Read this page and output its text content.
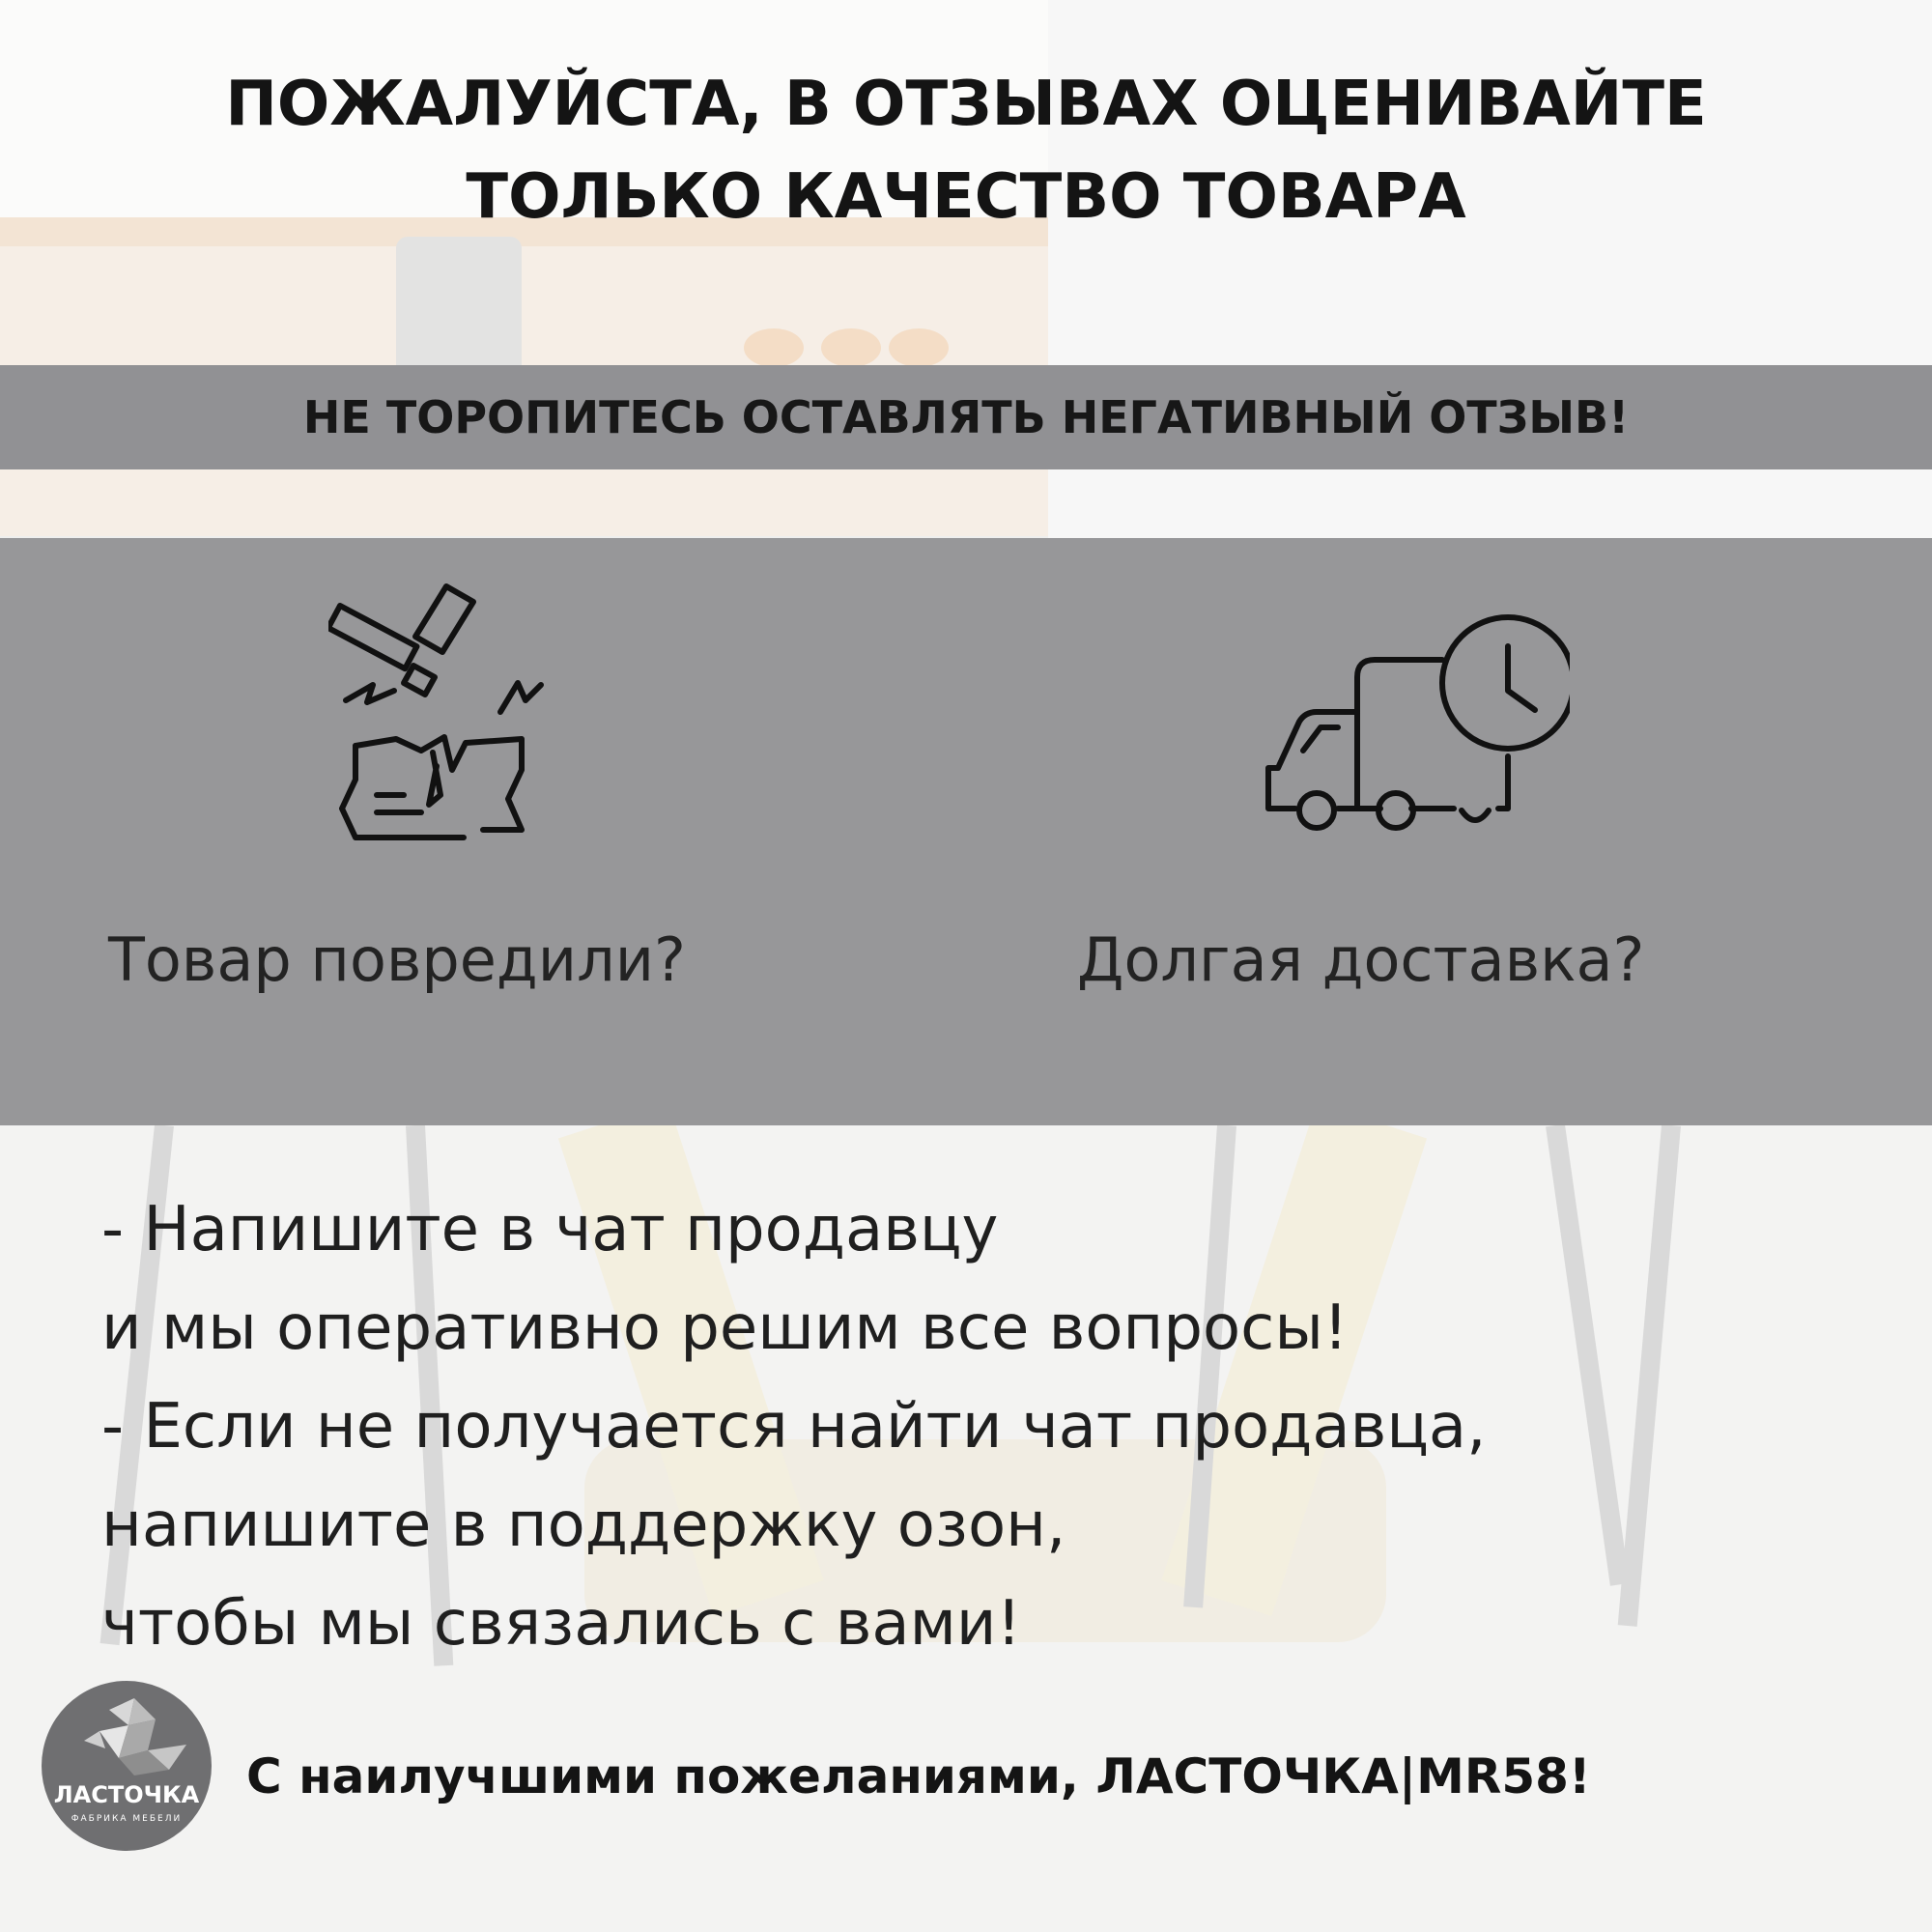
ПОЖАЛУЙСТА, В ОТЗЫВАХ ОЦЕНИВАЙТЕ
ТОЛЬКО КАЧЕСТВО ТОВАРА
НЕ ТОРОПИТЕСЬ ОСТАВЛЯТЬ НЕГАТИВНЫЙ ОТЗЫВ!
Товар повредили?	Долгая доставка?
- Напишите в чат продавцу
и мы оперативно решим все вопросы!
- Если не получается найти чат продавца,
напишите в поддержку озон,
чтобы мы связались с вами!
ЛАСТОЧКА
ФАБРИКА МЕБЕЛИ
С наилучшими пожеланиями, ЛАСТОЧКА|MR58!
